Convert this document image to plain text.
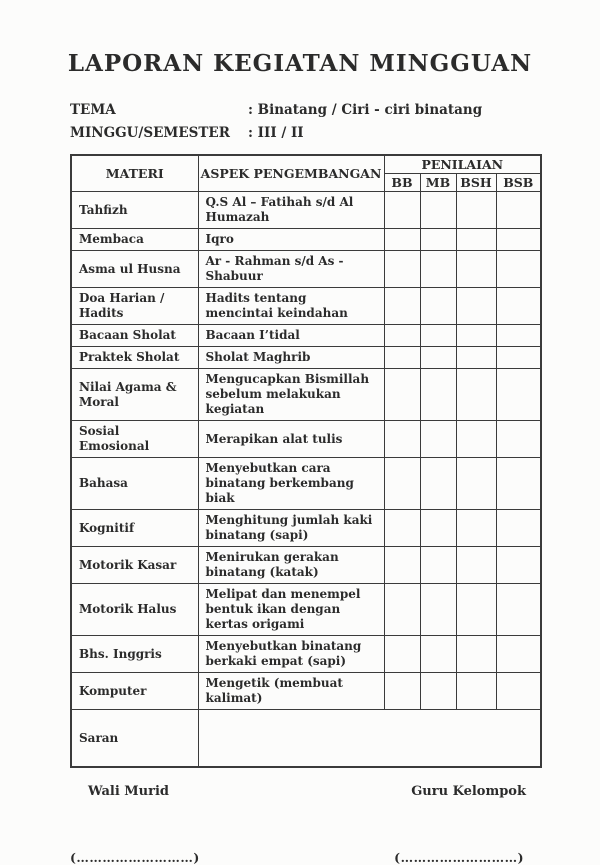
LAPORAN KEGIATAN MINGGUAN
TEMA	: Binatang / Ciri - ciri binatang
MINGGU/SEMESTER	: III / II
MATERI	ASPEK PENGEMBANGAN	PENILAIAN			
		BB	MB	BSH	BSB
Tahfizh	Q.S Al – Fatihah s/d Al Humazah				
Membaca	Iqro				
Asma ul Husna	Ar - Rahman s/d As - Shabuur				
Doa Harian / Hadits	Hadits tentang mencintai keindahan				
Bacaan Sholat	Bacaan I’tidal				
Praktek Sholat	Sholat Maghrib				
Nilai Agama & Moral	Mengucapkan Bismillah sebelum melakukan kegiatan				
Sosial Emosional	Merapikan alat tulis				
Bahasa	Menyebutkan cara binatang berkembang biak				
Kognitif	Menghitung jumlah kaki binatang (sapi)				
Motorik Kasar	Menirukan gerakan binatang (katak)				
Motorik Halus	Melipat dan menempel bentuk ikan dengan kertas origami				
Bhs. Inggris	Menyebutkan binatang berkaki empat (sapi)				
Komputer	Mengetik (membuat kalimat)				
Saran					
Wali Murid	Guru Kelompok
(………………………)	(………………………)
